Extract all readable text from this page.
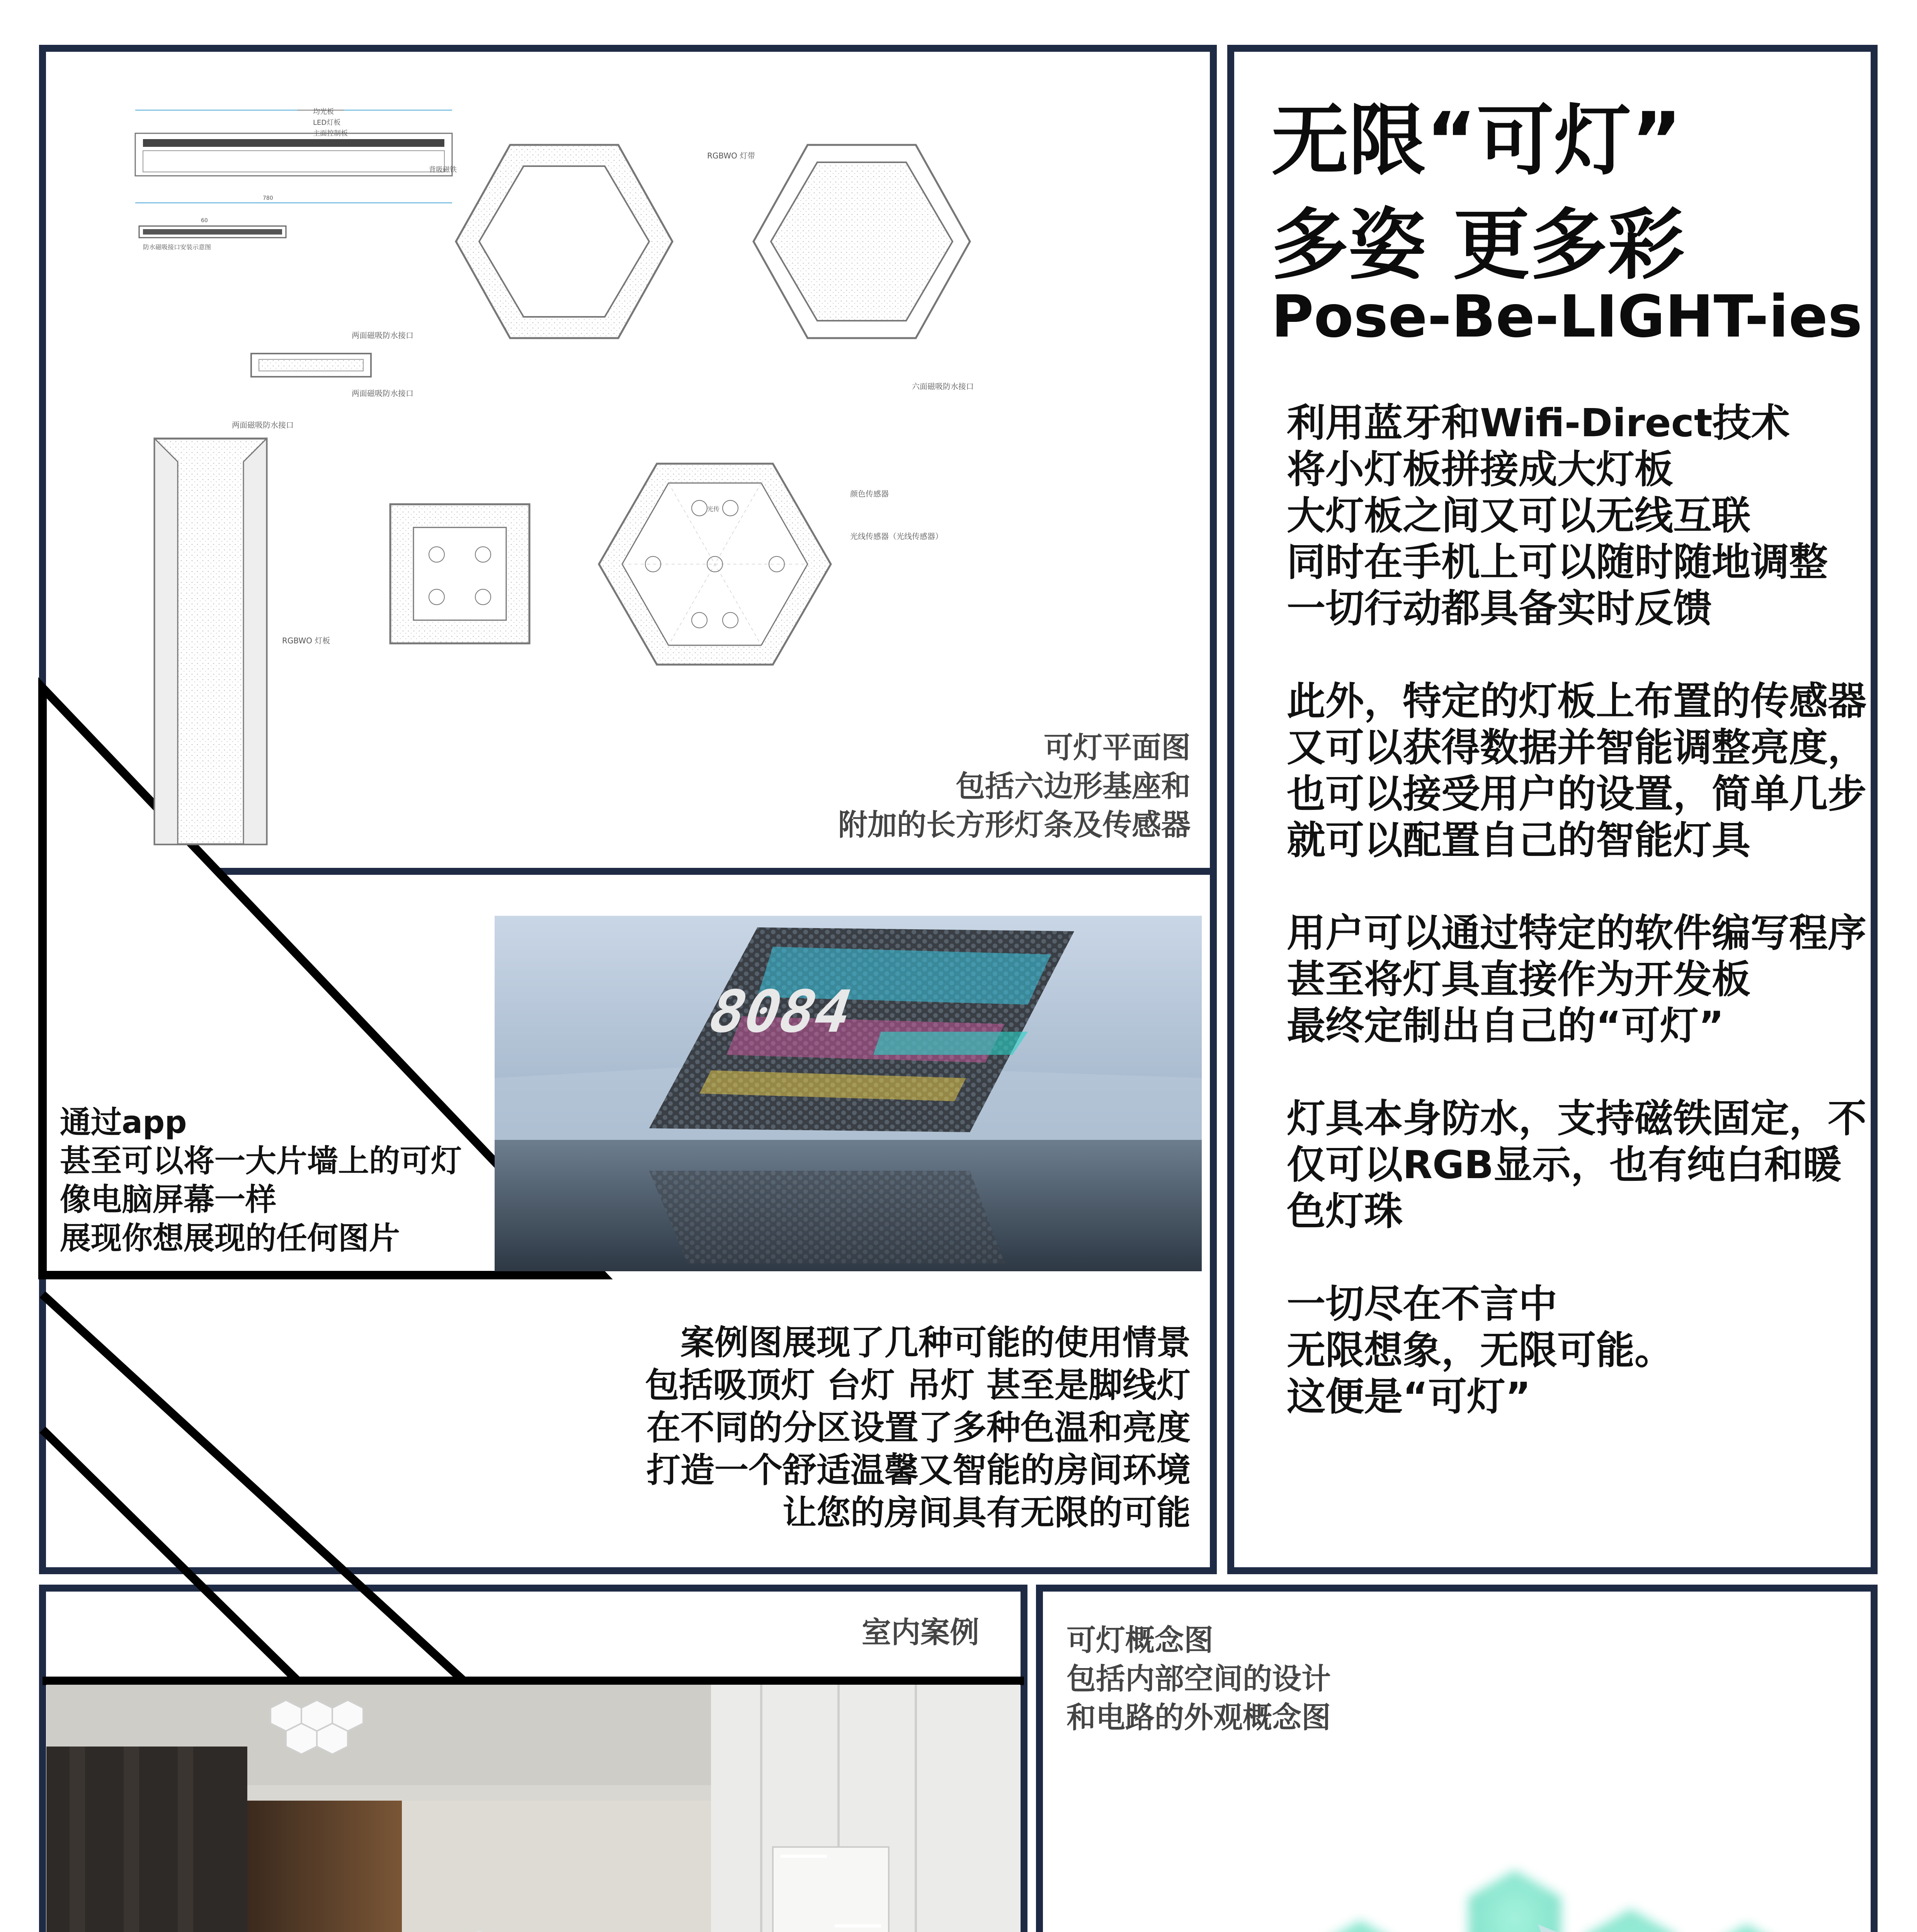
780
60
防水磁吸接口安装示意图
均光板
LED灯板
主面控制板
背吸磁铁
RGBWO 灯带
六面磁吸防水接口
两面磁吸防水接口
两面磁吸防水接口
两面磁吸防水接口
RGBWO 灯板
光传
颜色传感器
光线传感器（光线传感器）
可灯平面图
包括六边形基座和
附加的长方形灯条及传感器
8084
通过app
甚至可以将一大片墙上的可灯
像电脑屏幕一样
展现你想展现的任何图片
案例图展现了几种可能的使用情景
包括吸顶灯 台灯 吊灯 甚至是脚线灯
在不同的分区设置了多种色温和亮度
打造一个舒适温馨又智能的房间环境
让您的房间具有无限的可能
室内案例	可灯概念图
包括内部空间的设计
和电路的外观概念图
无限“可灯”
多姿 更多彩
Pose-Be-LIGHT-ies

利用蓝牙和Wifi-Direct技术
将小灯板拼接成大灯板
大灯板之间又可以无线互联
同时在手机上可以随时随地调整
一切行动都具备实时反馈

此外，特定的灯板上布置的传感器又可以获得数据并智能调整亮度，也可以接受用户的设置，简单几步就可以配置自己的智能灯具

用户可以通过特定的软件编写程序
甚至将灯具直接作为开发板
最终定制出自己的“可灯”

灯具本身防水，支持磁铁固定，不仅可以RGB显示，也有纯白和暖色灯珠

一切尽在不言中
无限想象，无限可能。
这便是“可灯”
